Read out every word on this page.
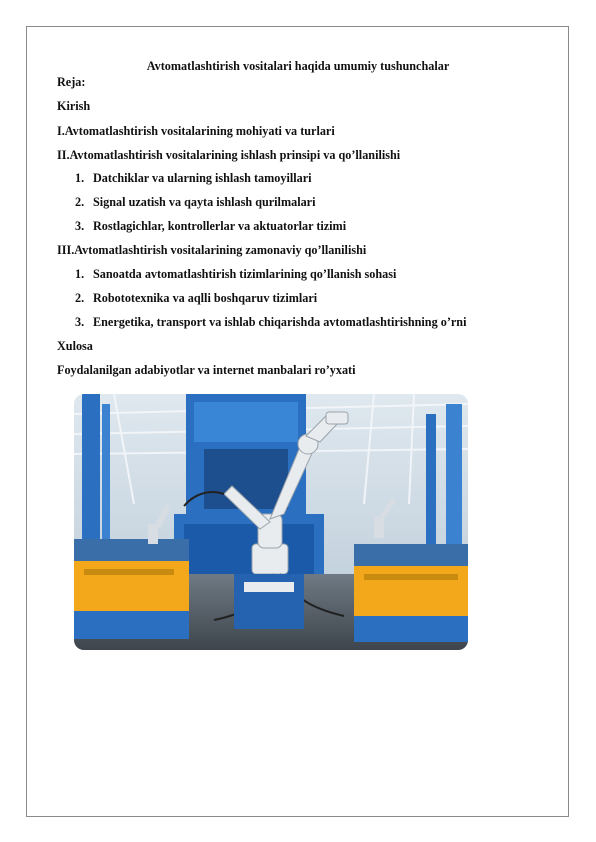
Avtomatlashtirish vositalari haqida umumiy tushunchalar
Reja:
Kirish
I.Avtomatlashtirish vositalarining mohiyati va turlari
II.Avtomatlashtirish vositalarining ishlash prinsipi va qo’llanilishi
1. Datchiklar va ularning ishlash tamoyillari
2. Signal uzatish va qayta ishlash qurilmalari
3. Rostlagichlar, kontrollerlar va aktuatorlar tizimi
III.Avtomatlashtirish vositalarining zamonaviy qo’llanilishi
1. Sanoatda avtomatlashtirish tizimlarining qo’llanish sohasi
2. Robototexnika va aqlli boshqaruv tizimlari
3. Energetika, transport va ishlab chiqarishda avtomatlashtirishning o’rni
Xulosa
Foydalanilgan adabiyotlar va internet manbalari ro’yxati
